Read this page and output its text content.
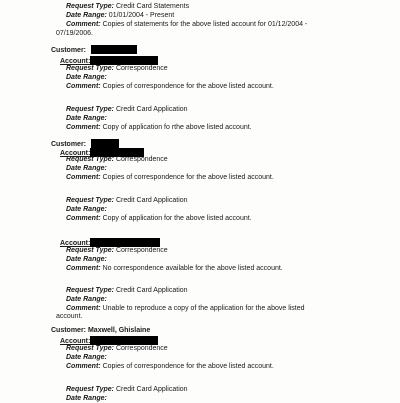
Request Type: Credit Card Statements
Date Range: 01/01/2004 - Present
Comment: Copies of statements for the above listed account for 01/12/2004 -
07/19/2006.
Customer:
Account:
Request Type: Correspondence
Date Range:
Comment: Copies of correspondence for the above listed account.
Request Type: Credit Card Application
Date Range:
Comment: Copy of application fo rthe above listed account.
Customer:
Account:
Request Type: Correspondence
Date Range:
Comment: Copies of correspondence for the above listed account.
Request Type: Credit Card Application
Date Range:
Comment: Copy of application for the above listed account.
Account:
Request Type: Correspondence
Date Range:
Comment: No correspondence available for the above listed account.
Request Type: Credit Card Application
Date Range:
Comment: Unable to reproduce a copy of the application for the above listed
account.
Customer: Maxwell, Ghislaine
Account:
Request Type: Correspondence
Date Range:
Comment: Copies of correspondence for the above listed account.
Request Type: Credit Card Application
Date Range:
